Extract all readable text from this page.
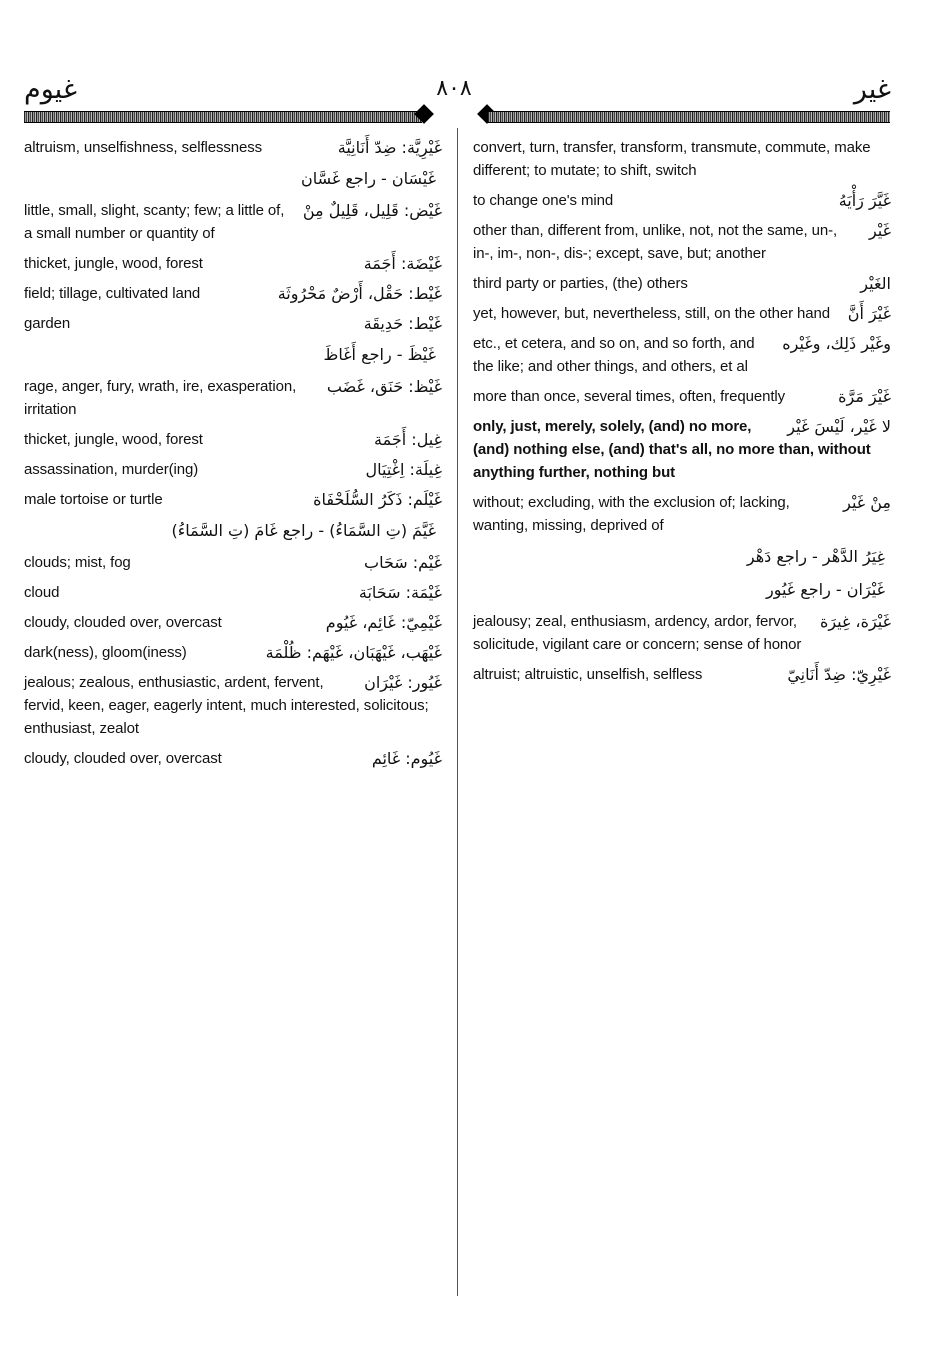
غيوم	٨٠٨	غير
غَيْرِيَّة: ضِدّ أَنَانِيَّة
altruism, unselfishness, selflessness
غَيْسَان - راجع غَسَّان
غَيْض: قَلِيل، قَلِيلٌ مِنْ
little, small, slight, scanty; few; a little of, a small number or quantity of
غَيْضَة: أَجَمَة
thicket, jungle, wood, forest
غَيْط: حَقْل، أَرْضٌ مَحْرُوثَة
field; tillage, cultivated land
غَيْط: حَدِيقَة
garden
غَيْظَ - راجع أَغَاظَ
غَيْظ: حَنَق، غَضَب
rage, anger, fury, wrath, ire, exasperation, irritation
غِيل: أَجَمَة
thicket, jungle, wood, forest
غِيلَة: اِغْتِيَال
assassination, murder(ing)
غَيْلَم: ذَكَرُ السُّلَحْفَاة
male tortoise or turtle
غَيَّمَ (تِ السَّمَاءُ) - راجع غَامَ (تِ السَّمَاءُ)
غَيْم: سَحَاب
clouds; mist, fog
غَيْمَة: سَحَابَة
cloud
غَيْمِيّ: غَائِم، غَيُوم
cloudy, clouded over, overcast
غَيْهَب، غَيْهَبَان، غَيْهَم: ظُلْمَة
dark(ness), gloom(iness)
غَيُور: غَيْرَان
jealous; zealous, enthusiastic, ardent, fervent, fervid, keen, eager, eagerly intent, much interested, solicitous; enthusiast, zealot
غَيُوم: غَائِم
cloudy, clouded over, overcast
convert, turn, transfer, transform, transmute, commute, make different; to mutate; to shift, switch
غَيَّرَ رَأْيَهُ
to change one's mind
غَيْر
other than, different from, unlike, not, not the same, un-, in-, im-, non-, dis-; except, save, but; another
الغَيْر
third party or parties, (the) others
غَيْرَ أَنَّ
yet, however, but, nevertheless, still, on the other hand
وغَيْر ذَلِك، وغَيْره
etc., et cetera, and so on, and so forth, and the like; and other things, and others, et al
غَيْرَ مَرَّة
more than once, several times, often, frequently
لا غَيْر، لَيْسَ غَيْر
only, just, merely, solely, (and) no more, (and) nothing else, (and) that's all, no more than, without anything further, nothing but
مِنْ غَيْر
without; excluding, with the exclusion of; lacking, wanting, missing, deprived of
غِيَرُ الدَّهْر - راجع دَهْر
غَيْرَان - راجع غَيُور
غَيْرَة، غِيرَة
jealousy; zeal, enthusiasm, ardency, ardor, fervor, solicitude, vigilant care or concern; sense of honor
غَيْرِيّ: ضِدّ أَنَانِيّ
altruist; altruistic, unselfish, selfless
